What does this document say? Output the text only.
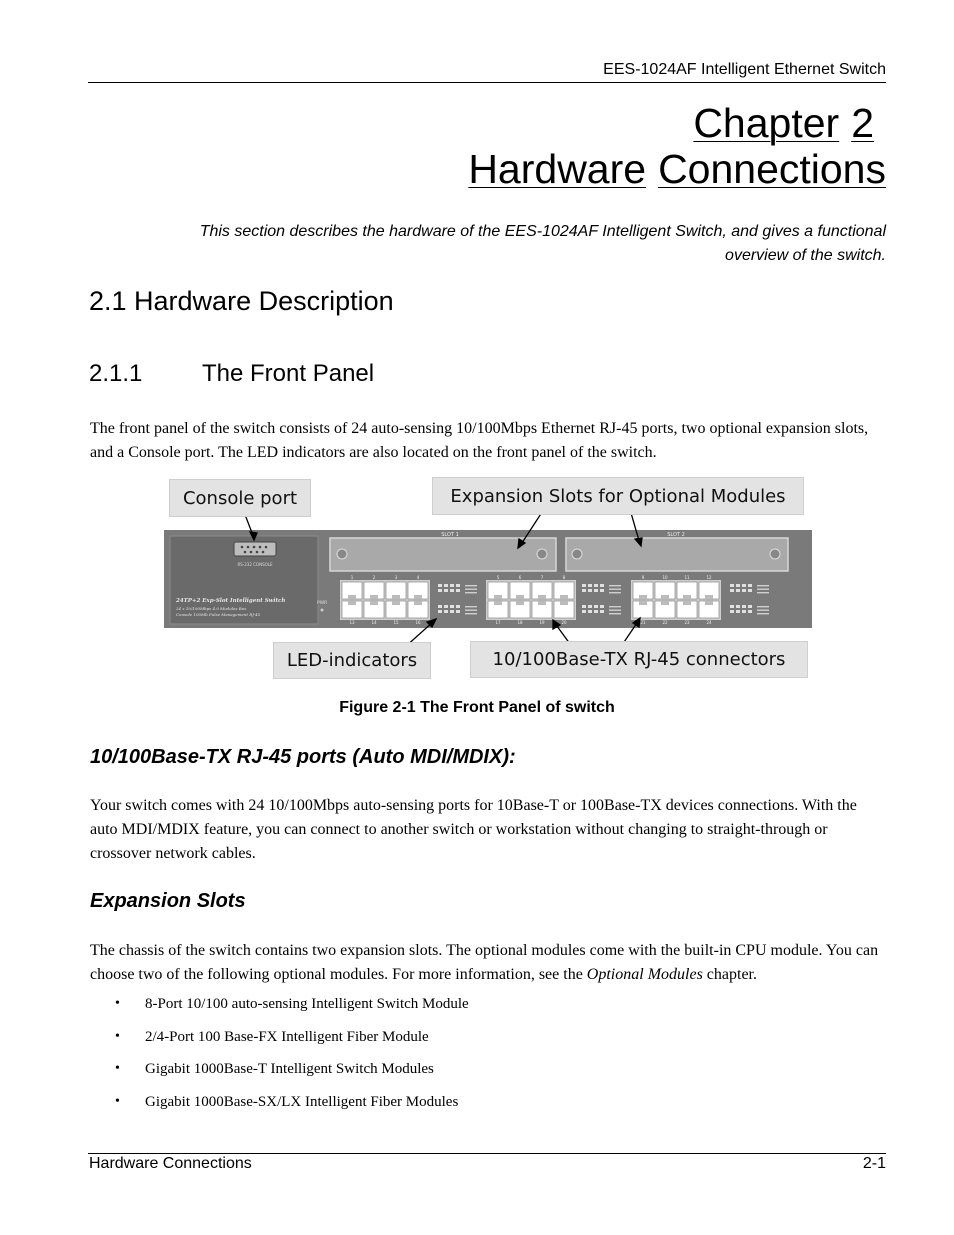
EES-1024AF Intelligent Ethernet Switch
Chapter 2
Hardware Connections
This section describes the hardware of the EES-1024AF Intelligent Switch, and gives a functional overview of the switch.
2.1 Hardware Description
2.1.1 The Front Panel

The front panel of the switch consists of 24 auto-sensing 10/100Mbps Ethernet RJ-45 ports, two optional expansion slots, and a Console port. The LED indicators are also located on the front panel of the switch.

RS-232 CONSOLE
24TP+2 Exp-Slot Intelligent Switch
24 x 10/100Mbps 4.0 Modules Bus
Console 100Mb Pulse Management RJ-45
PWR
SLOT 1	SLOT 2
1
13
2
14
3
15
4
16
5
17
6
18
7
19
8
20
9
21
10
22
11
23
12
24
Console port	Expansion Slots for Optional Modules
LED-indicators	10/100Base-TX RJ-45 connectors
Figure 2-1 The Front Panel of switch
10/100Base-TX RJ-45 ports (Auto MDI/MDIX):

Your switch comes with 24 10/100Mbps auto-sensing ports for 10Base-T or 100Base-TX devices connections. With the auto MDI/MDIX feature, you can connect to another switch or workstation without changing to straight-through or crossover network cables.

Expansion Slots

The chassis of the switch contains two expansion slots. The optional modules come with the built-in CPU module. You can choose two of the following optional modules. For more information, see the Optional Modules chapter.

•	8-Port 10/100 auto-sensing Intelligent Switch Module
•	2/4-Port 100 Base-FX Intelligent Fiber Module
•	Gigabit 1000Base-T Intelligent Switch Modules
•	Gigabit 1000Base-SX/LX Intelligent Fiber Modules
Hardware Connections	2-1
